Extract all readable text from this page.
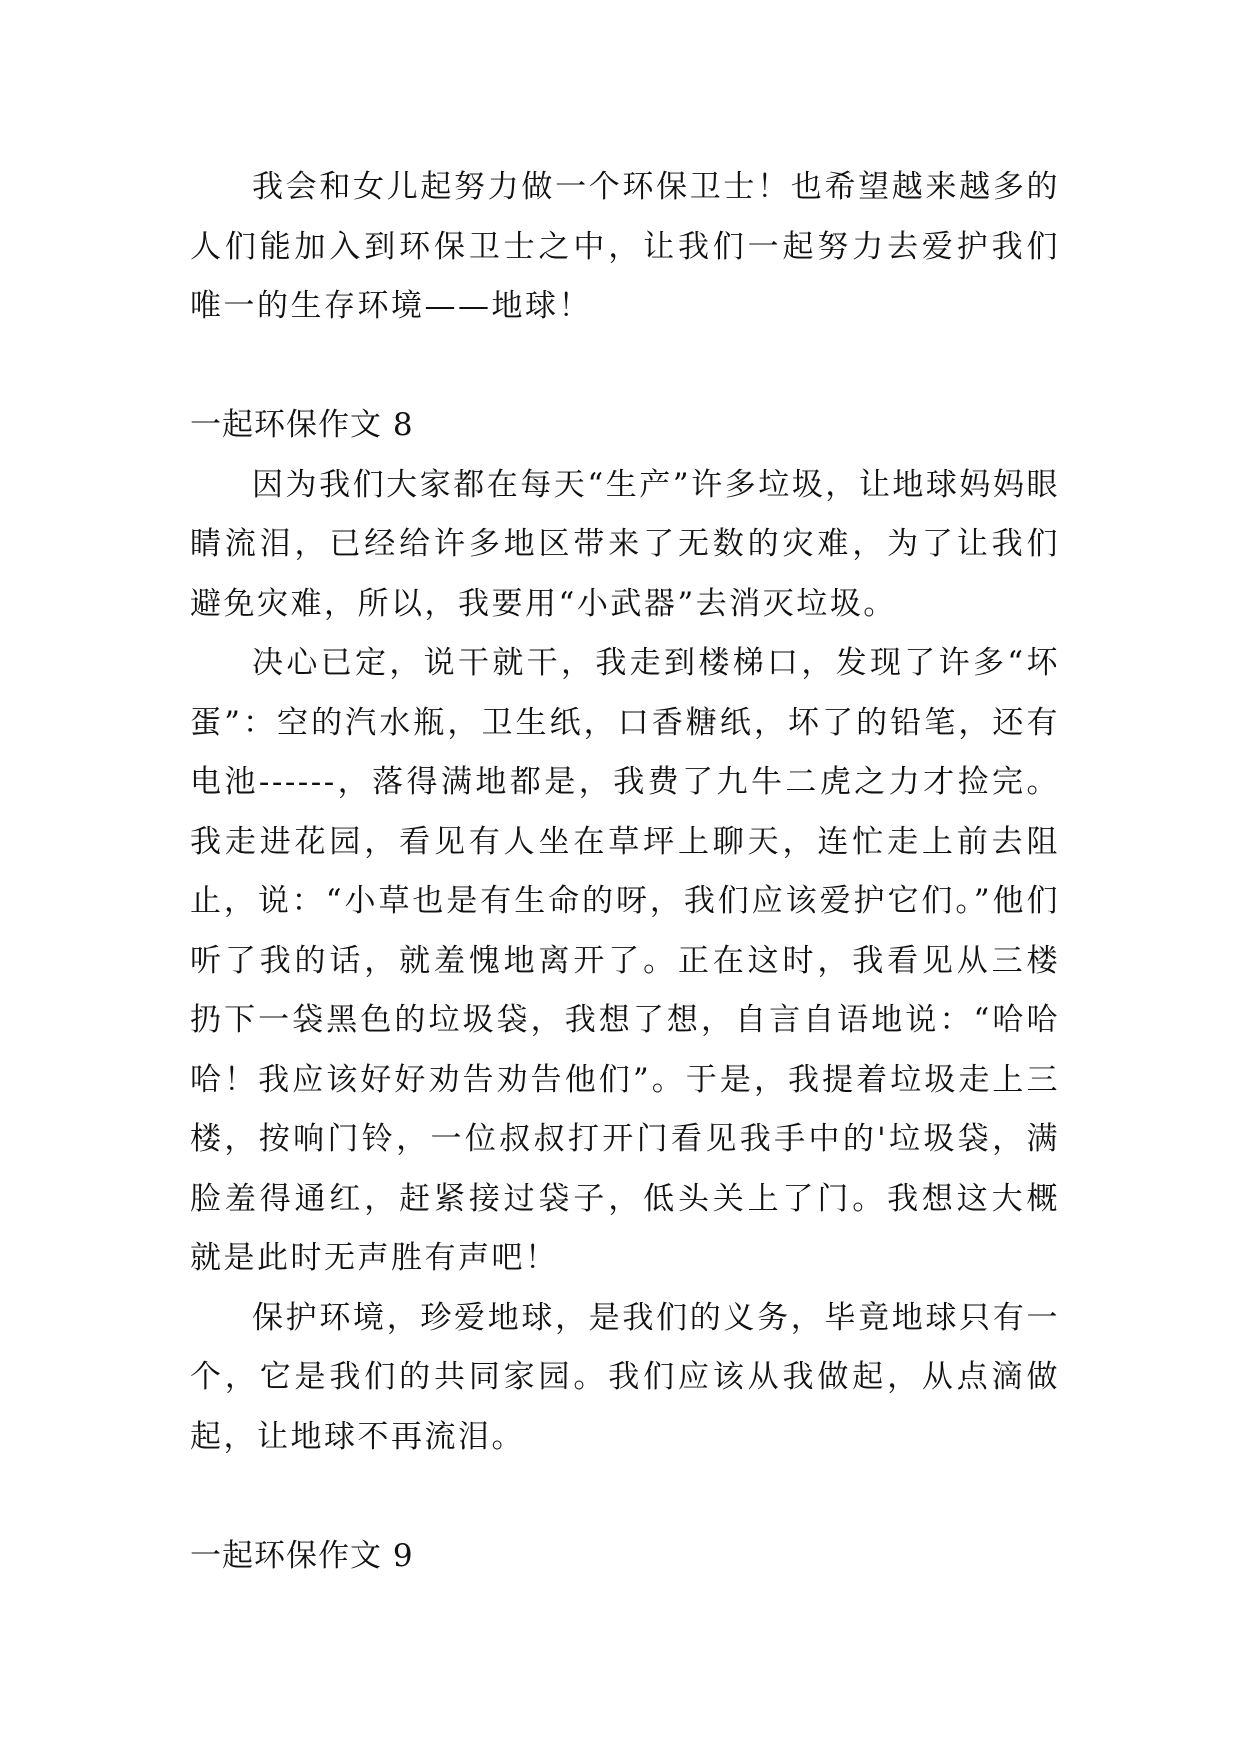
我会和女儿起努力做一个环保卫士！也希望越来越多的人们能加入到环保卫士之中，让我们一起努力去爱护我们唯一的生存环境——地球！

一起环保作文 8

因为我们大家都在每天“生产”许多垃圾，让地球妈妈眼睛流泪，已经给许多地区带来了无数的灾难，为了让我们避免灾难，所以，我要用“小武器”去消灭垃圾。

决心已定，说干就干，我走到楼梯口，发现了许多“坏蛋”：空的汽水瓶，卫生纸，口香糖纸，坏了的铅笔，还有电池------，落得满地都是，我费了九牛二虎之力才捡完。我走进花园，看见有人坐在草坪上聊天，连忙走上前去阻止，说：“小草也是有生命的呀，我们应该爱护它们。”他们听了我的话，就羞愧地离开了。正在这时，我看见从三楼扔下一袋黑色的垃圾袋，我想了想，自言自语地说：“哈哈哈！我应该好好劝告劝告他们”。于是，我提着垃圾走上三楼，按响门铃，一位叔叔打开门看见我手中的'垃圾袋，满脸羞得通红，赶紧接过袋子，低头关上了门。我想这大概就是此时无声胜有声吧！

保护环境，珍爱地球，是我们的义务，毕竟地球只有一个，它是我们的共同家园。我们应该从我做起，从点滴做起，让地球不再流泪。

一起环保作文 9
